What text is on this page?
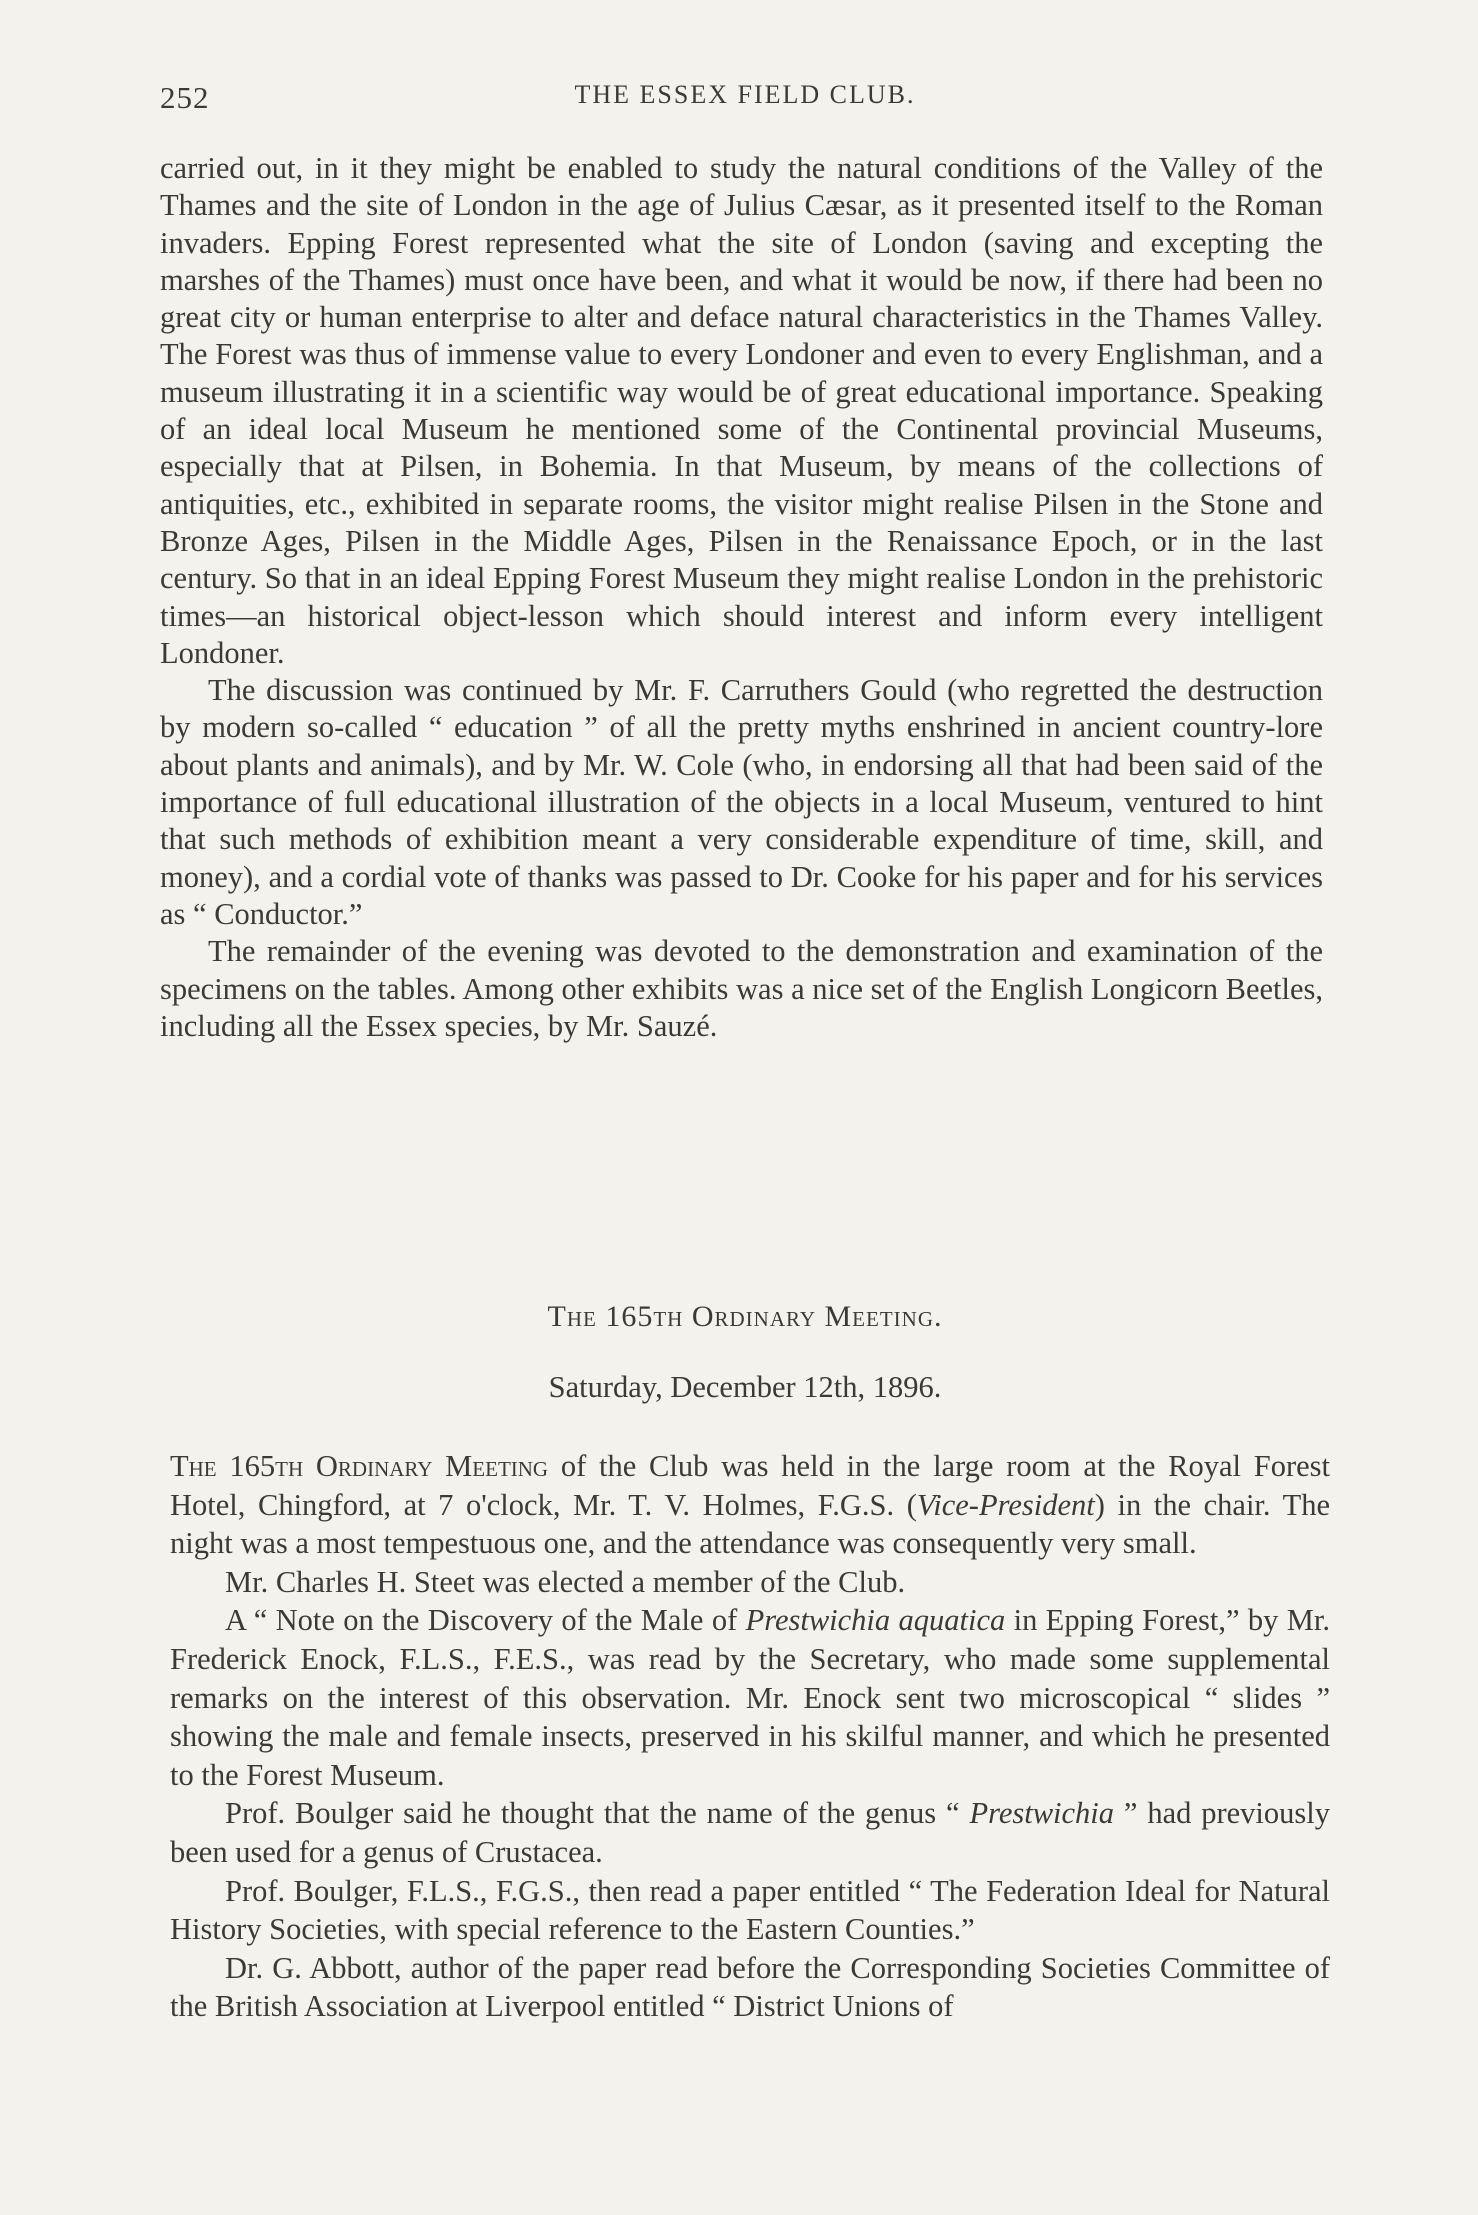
252	THE ESSEX FIELD CLUB.

carried out, in it they might be enabled to study the natural conditions of the Valley of the Thames and the site of London in the age of Julius Cæsar, as it presented itself to the Roman invaders. Epping Forest represented what the site of London (saving and excepting the marshes of the Thames) must once have been, and what it would be now, if there had been no great city or human enterprise to alter and deface natural characteristics in the Thames Valley. The Forest was thus of immense value to every Londoner and even to every Englishman, and a museum illustrating it in a scientific way would be of great educational importance. Speaking of an ideal local Museum he mentioned some of the Continental provincial Museums, especially that at Pilsen, in Bohemia. In that Museum, by means of the collections of antiquities, etc., exhibited in separate rooms, the visitor might realise Pilsen in the Stone and Bronze Ages, Pilsen in the Middle Ages, Pilsen in the Renaissance Epoch, or in the last century. So that in an ideal Epping Forest Museum they might realise London in the prehistoric times—an historical object-lesson which should interest and inform every intelligent Londoner.

The discussion was continued by Mr. F. Carruthers Gould (who regretted the destruction by modern so-called “ education ” of all the pretty myths enshrined in ancient country-lore about plants and animals), and by Mr. W. Cole (who, in endorsing all that had been said of the importance of full educational illustration of the objects in a local Museum, ventured to hint that such methods of exhibition meant a very considerable expenditure of time, skill, and money), and a cordial vote of thanks was passed to Dr. Cooke for his paper and for his services as “ Conductor.”

The remainder of the evening was devoted to the demonstration and examination of the specimens on the tables. Among other exhibits was a nice set of the English Longicorn Beetles, including all the Essex species, by Mr. Sauzé.

The 165th Ordinary Meeting.
Saturday, December 12th, 1896.

The 165th Ordinary Meeting of the Club was held in the large room at the Royal Forest Hotel, Chingford, at 7 o'clock, Mr. T. V. Holmes, F.G.S. (Vice-President) in the chair. The night was a most tempestuous one, and the attendance was consequently very small.

Mr. Charles H. Steet was elected a member of the Club.

A “ Note on the Discovery of the Male of Prestwichia aquatica in Epping Forest,” by Mr. Frederick Enock, F.L.S., F.E.S., was read by the Secretary, who made some supplemental remarks on the interest of this observation. Mr. Enock sent two microscopical “ slides ” showing the male and female insects, preserved in his skilful manner, and which he presented to the Forest Museum.

Prof. Boulger said he thought that the name of the genus “ Prestwichia ” had previously been used for a genus of Crustacea.

Prof. Boulger, F.L.S., F.G.S., then read a paper entitled “ The Federation Ideal for Natural History Societies, with special reference to the Eastern Counties.”

Dr. G. Abbott, author of the paper read before the Corresponding Societies Committee of the British Association at Liverpool entitled “ District Unions of
